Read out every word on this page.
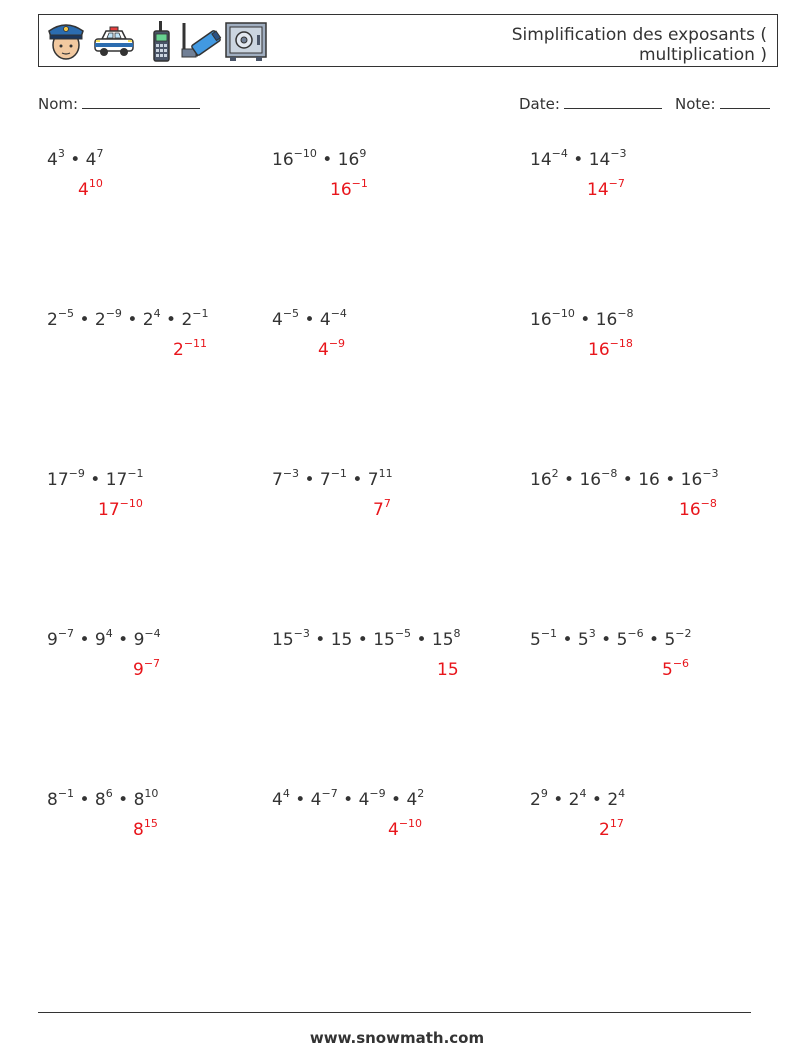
Simplification des exposants ( multiplication )
Nom:	Date:	Note:
$4^3$ • $4^7$
$4^{10}$
$16^{-10}$ • $16^9$
$16^{-1}$
$14^{-4}$ • $14^{-3}$
$14^{-7}$
$2^{-5}$ • $2^{-9}$ • $2^4$ • $2^{-1}$
$2^{-11}$
$4^{-5}$ • $4^{-4}$
$4^{-9}$
$16^{-10}$ • $16^{-8}$
$16^{-18}$
$17^{-9}$ • $17^{-1}$
$17^{-10}$
$7^{-3}$ • $7^{-1}$ • $7^{11}$
$7^7$
$16^2$ • $16^{-8}$ • 16 • $16^{-3}$
$16^{-8}$
$9^{-7}$ • $9^4$ • $9^{-4}$
$9^{-7}$
$15^{-3}$ • 15 • $15^{-5}$ • $15^8$
15
$5^{-1}$ • $5^3$ • $5^{-6}$ • $5^{-2}$
$5^{-6}$
$8^{-1}$ • $8^6$ • $8^{10}$
$8^{15}$
$4^4$ • $4^{-7}$ • $4^{-9}$ • $4^2$
$4^{-10}$
$2^9$ • $2^4$ • $2^4$
$2^{17}$
www.snowmath.com
